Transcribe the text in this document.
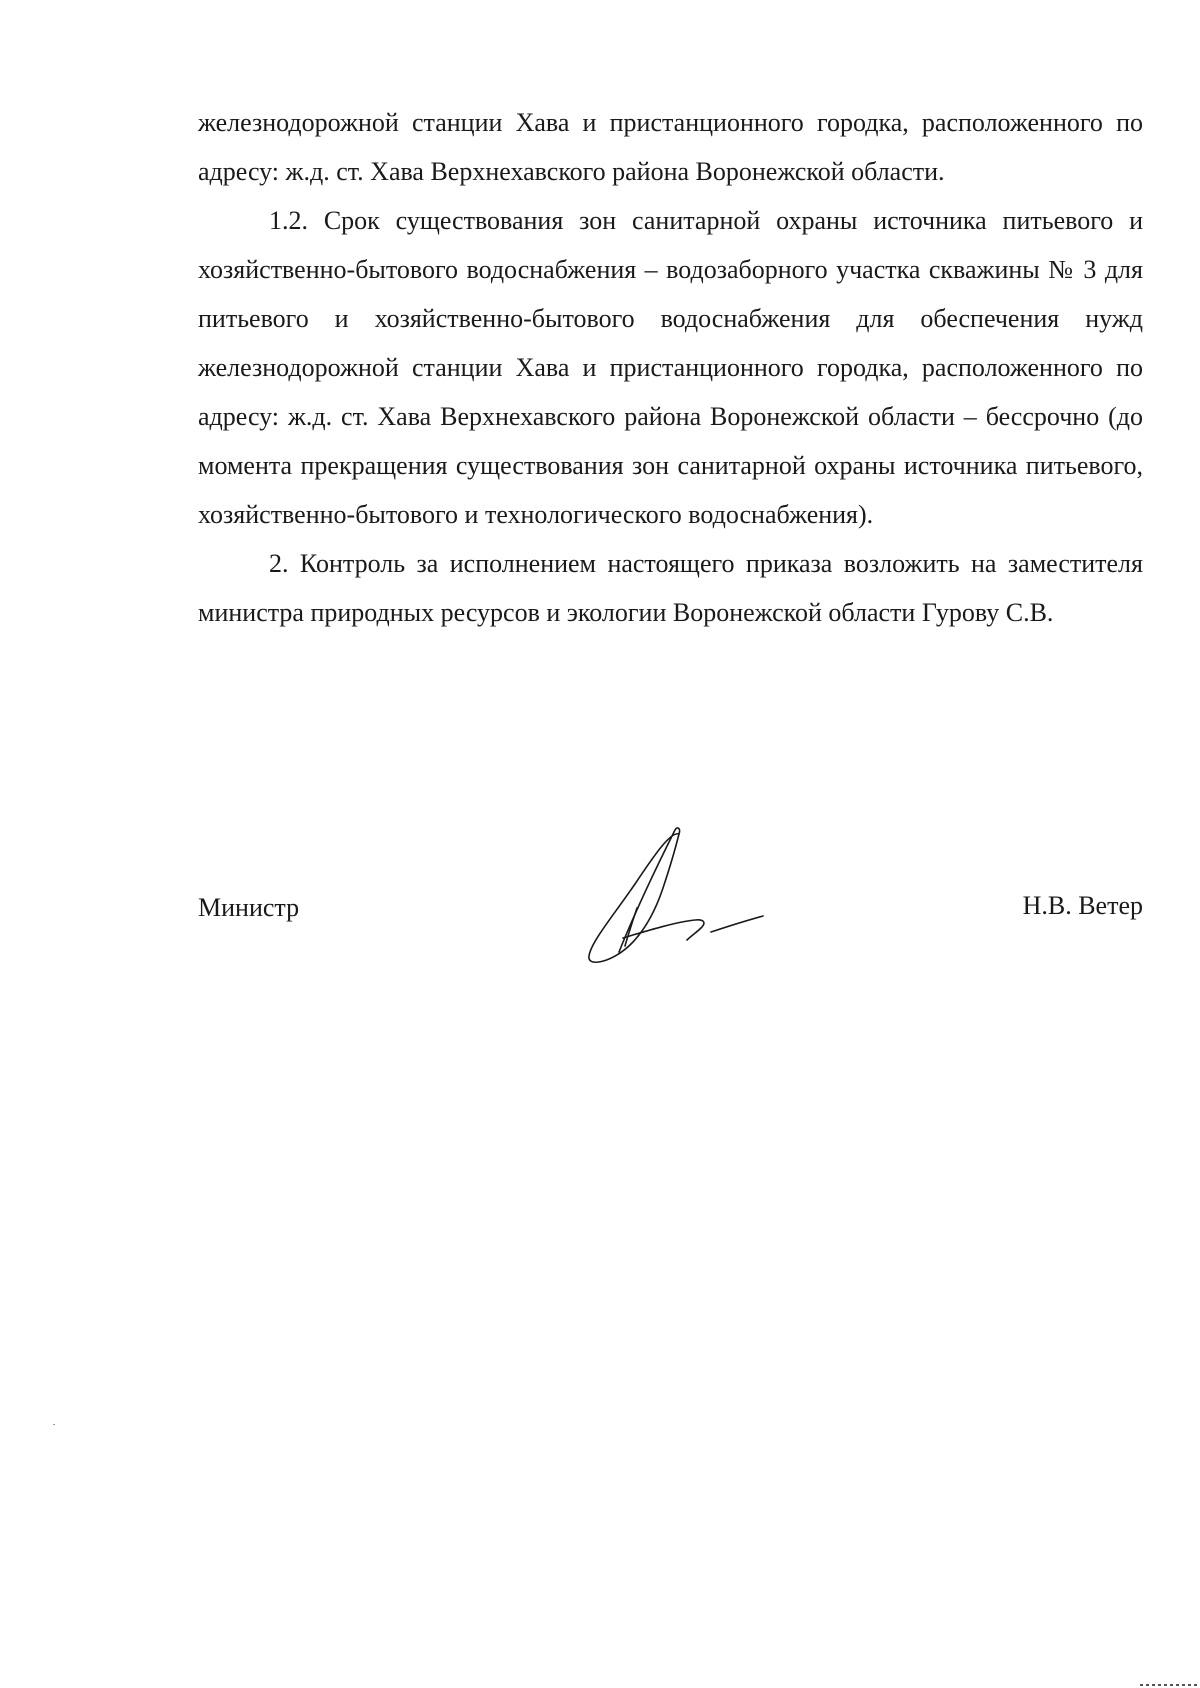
железнодорожной станции Хава и пристанционного городка, расположенного по адресу: ж.д. ст. Хава Верхнехавского района Воронежской области.

1.2. Срок существования зон санитарной охраны источника питьевого и хозяйственно-бытового водоснабжения – водозаборного участка скважины № 3 для питьевого и хозяйственно-бытового водоснабжения для обеспечения нужд железнодорожной станции Хава и пристанционного городка, расположенного по адресу: ж.д. ст. Хава Верхнехавского района Воронежской области – бессрочно (до момента прекращения существования зон санитарной охраны источника питьевого, хозяйственно-бытового и технологического водоснабжения).

2. Контроль за исполнением настоящего приказа возложить на заместителя министра природных ресурсов и экологии Воронежской области Гурову С.В.

Министр	Н.В. Ветер
